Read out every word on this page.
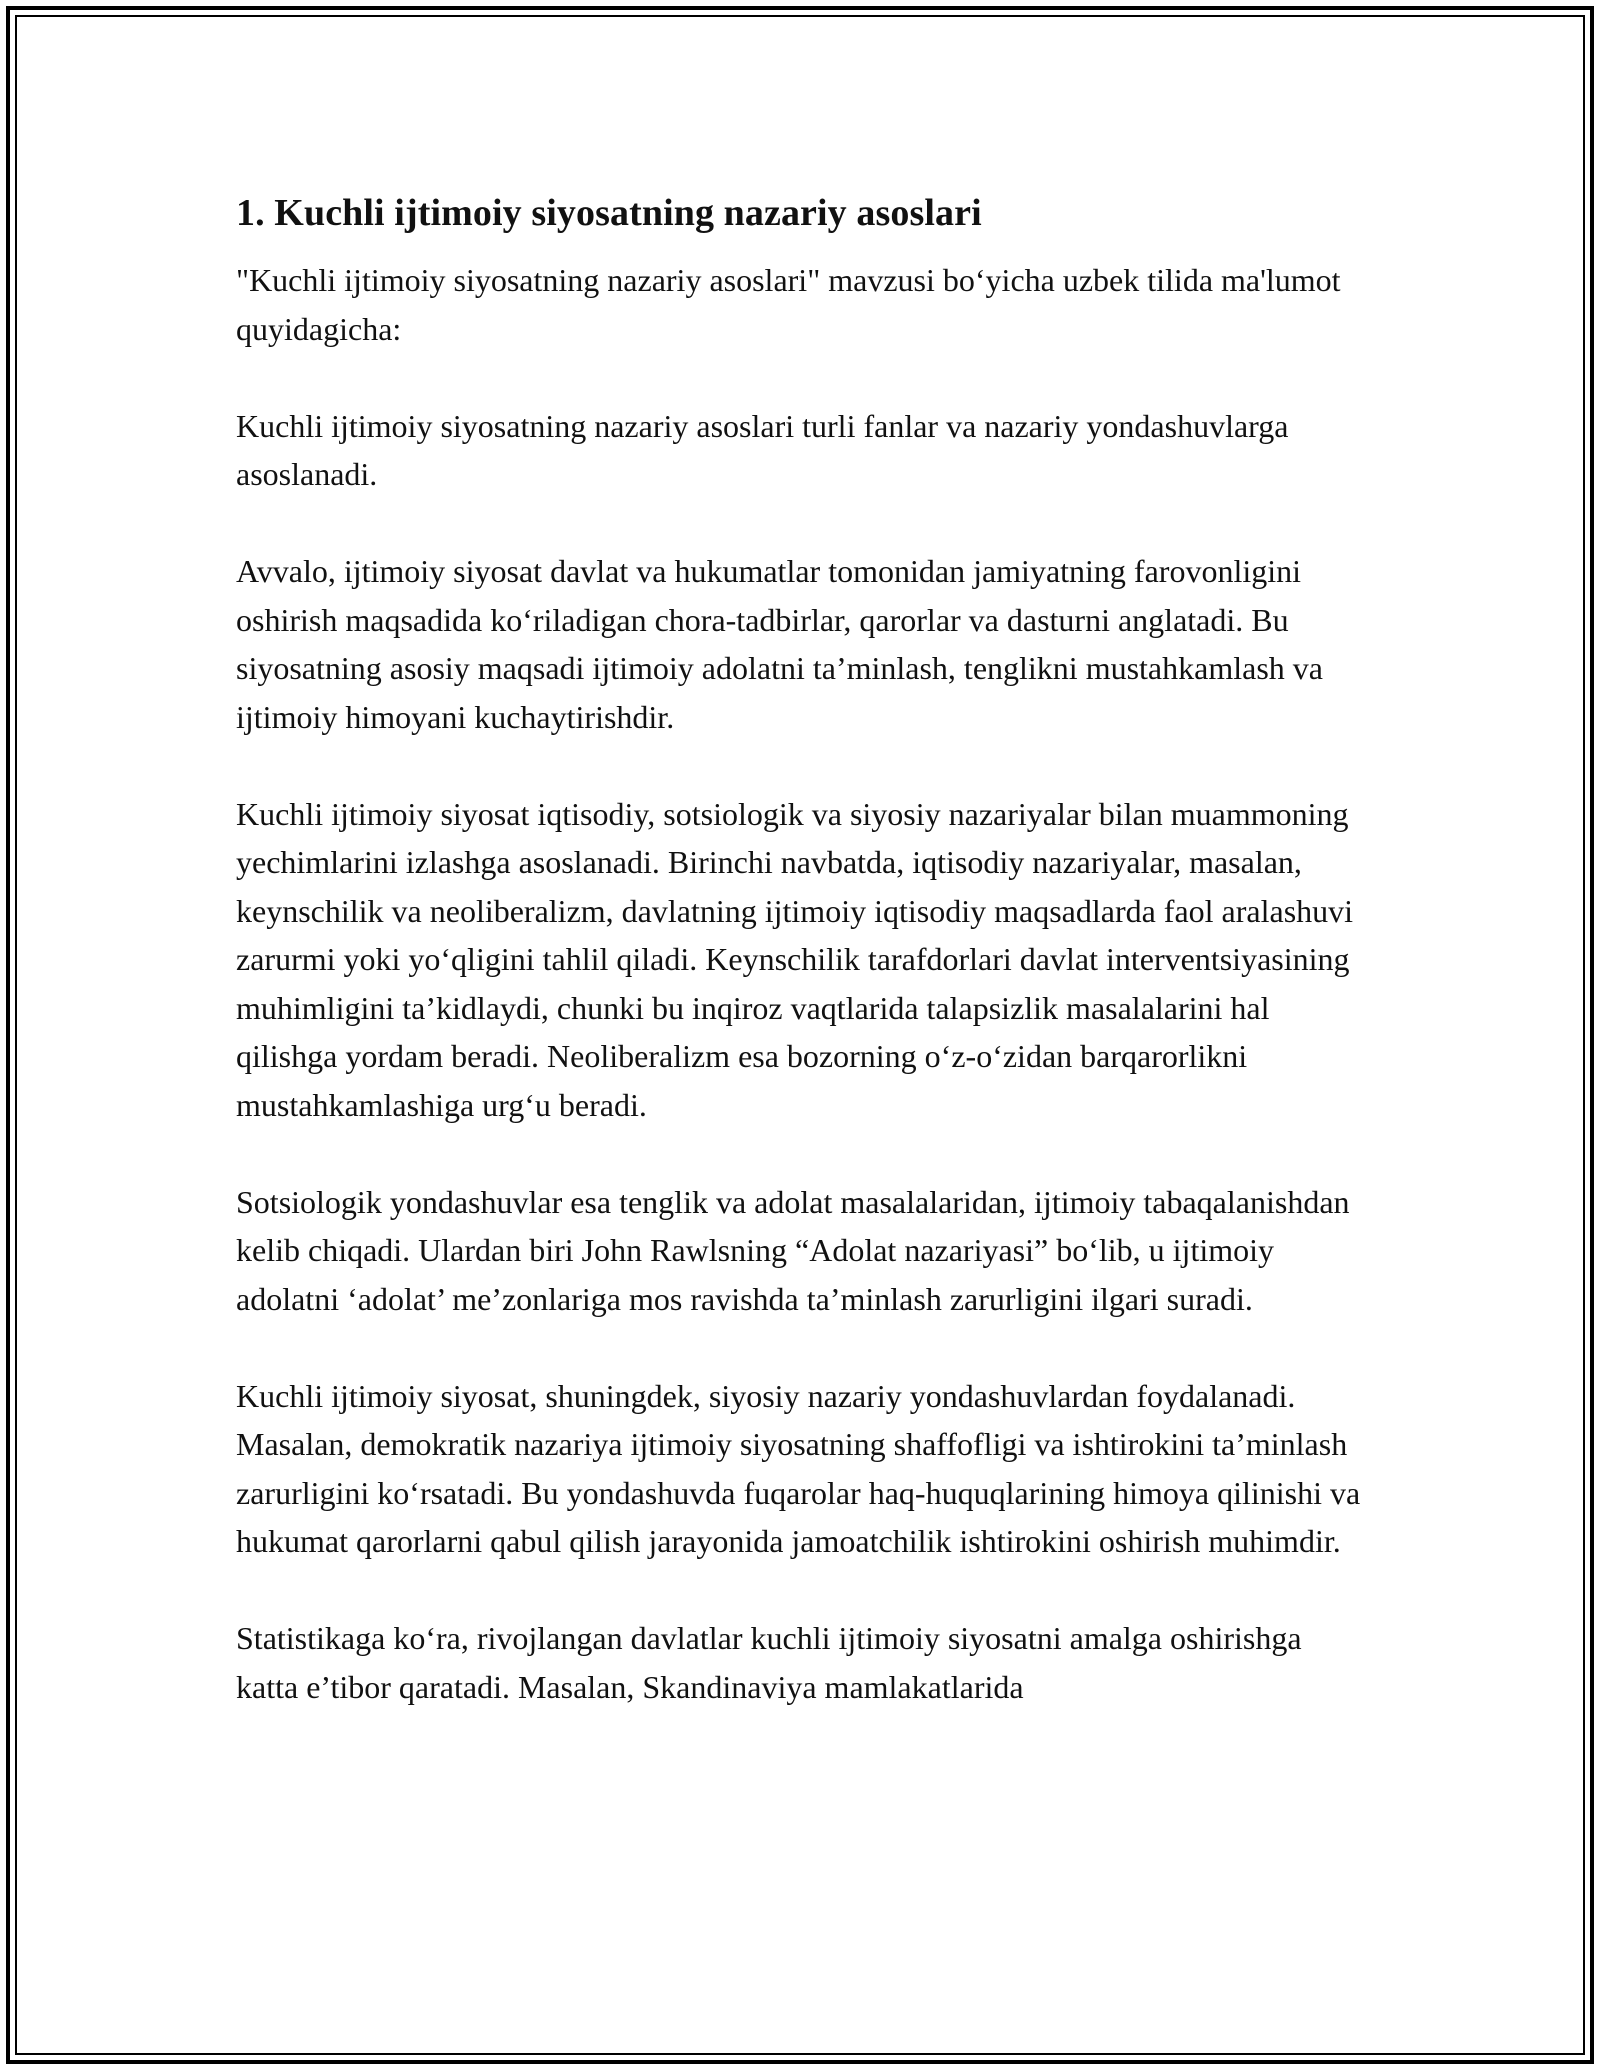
1. Kuchli ijtimoiy siyosatning nazariy asoslari

"Kuchli ijtimoiy siyosatning nazariy asoslari" mavzusi bo‘yicha uzbek tilida ma'lumot quyidagicha:

Kuchli ijtimoiy siyosatning nazariy asoslari turli fanlar va nazariy yondashuvlarga asoslanadi.

Avvalo, ijtimoiy siyosat davlat va hukumatlar tomonidan jamiyatning farovonligini oshirish maqsadida ko‘riladigan chora-tadbirlar, qarorlar va dasturni anglatadi. Bu siyosatning asosiy maqsadi ijtimoiy adolatni ta’minlash, tenglikni mustahkamlash va ijtimoiy himoyani kuchaytirishdir.

Kuchli ijtimoiy siyosat iqtisodiy, sotsiologik va siyosiy nazariyalar bilan muammoning yechimlarini izlashga asoslanadi. Birinchi navbatda, iqtisodiy nazariyalar, masalan, keynschilik va neoliberalizm, davlatning ijtimoiy iqtisodiy maqsadlarda faol aralashuvi zarurmi yoki yo‘qligini tahlil qiladi. Keynschilik tarafdorlari davlat interventsiyasining muhimligini ta’kidlaydi, chunki bu inqiroz vaqtlarida talapsizlik masalalarini hal qilishga yordam beradi. Neoliberalizm esa bozorning o‘z-o‘zidan barqarorlikni mustahkamlashiga urg‘u beradi.

Sotsiologik yondashuvlar esa tenglik va adolat masalalaridan, ijtimoiy tabaqalanishdan kelib chiqadi. Ulardan biri John Rawlsning “Adolat nazariyasi” bo‘lib, u ijtimoiy adolatni ‘adolat’ me’zonlariga mos ravishda ta’minlash zarurligini ilgari suradi.

Kuchli ijtimoiy siyosat, shuningdek, siyosiy nazariy yondashuvlardan foydalanadi. Masalan, demokratik nazariya ijtimoiy siyosatning shaffofligi va ishtirokini ta’minlash zarurligini ko‘rsatadi. Bu yondashuvda fuqarolar haq-huquqlarining himoya qilinishi va hukumat qarorlarni qabul qilish jarayonida jamoatchilik ishtirokini oshirish muhimdir.

Statistikaga ko‘ra, rivojlangan davlatlar kuchli ijtimoiy siyosatni amalga oshirishga katta e’tibor qaratadi. Masalan, Skandinaviya mamlakatlarida
